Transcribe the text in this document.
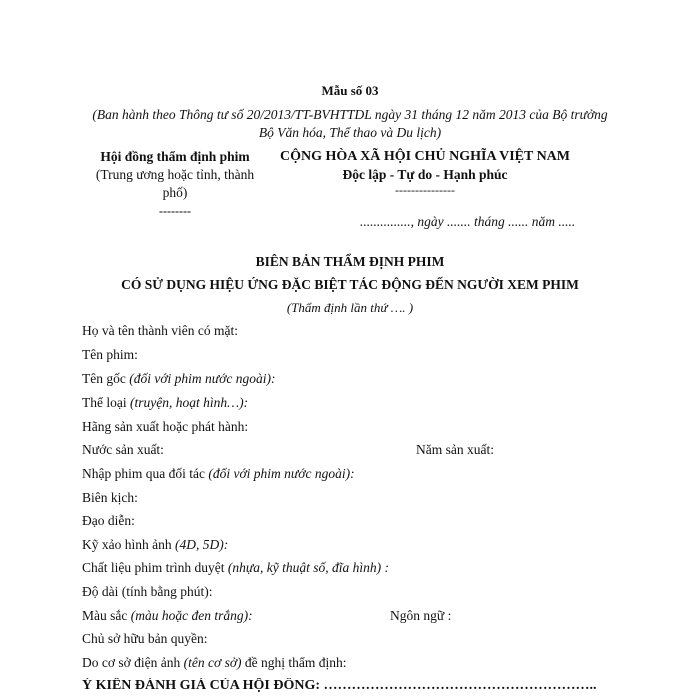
Mẫu số 03
(Ban hành theo Thông tư số 20/2013/TT-BVHTTDL ngày 31 tháng 12 năm 2013 của Bộ trưởng
Bộ Văn hóa, Thể thao và Du lịch)
Hội đồng thẩm định phim
(Trung ương hoặc tỉnh, thành
phố)
--------
CỘNG HÒA XÃ HỘI CHỦ NGHĨA VIỆT NAM
Độc lập - Tự do - Hạnh phúc
---------------
..............., ngày ....... tháng ...... năm .....
BIÊN BẢN THẨM ĐỊNH PHIM
CÓ SỬ DỤNG HIỆU ỨNG ĐẶC BIỆT TÁC ĐỘNG ĐẾN NGƯỜI XEM PHIM
(Thẩm định lần thứ …. )
Họ và tên thành viên có mặt:
Tên phim:
Tên gốc (đối với phim nước ngoài):
Thể loại (truyện, hoạt hình…):
Hãng sản xuất hoặc phát hành:
Nước sản xuất:	Năm sản xuất:
Nhập phim qua đối tác (đối với phim nước ngoài):
Biên kịch:
Đạo diễn:
Kỹ xảo hình ảnh (4D, 5D):
Chất liệu phim trình duyệt (nhựa, kỹ thuật số, đĩa hình) :
Độ dài (tính bằng phút):
Màu sắc (màu hoặc đen trắng):	Ngôn ngữ :
Chủ sở hữu bản quyền:
Do cơ sở điện ảnh (tên cơ sở) đề nghị thẩm định:
Ý KIẾN ĐÁNH GIÁ CỦA HỘI ĐỒNG: …………………………………………………..
